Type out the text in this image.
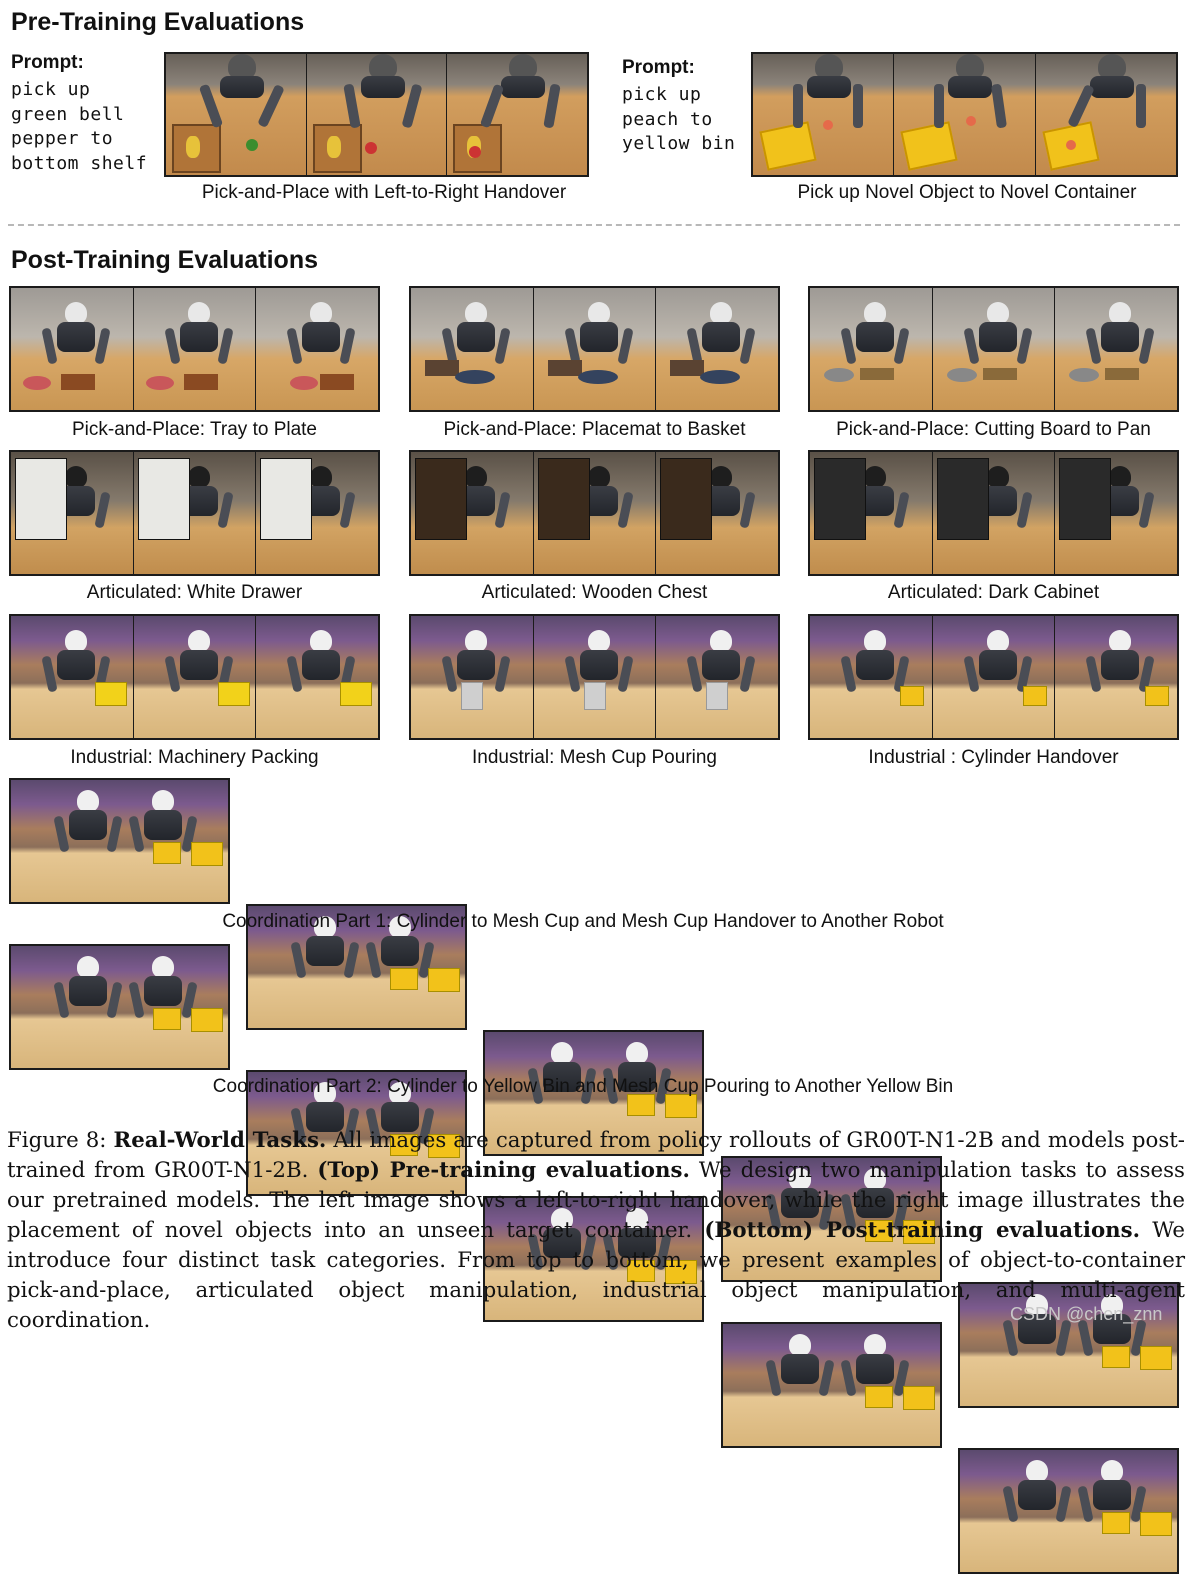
Pre-Training Evaluations
Prompt:
pick up
green bell
pepper to
bottom shelf
Pick-and-Place with Left-to-Right Handover
Prompt:
pick up
peach to
yellow bin
Pick up Novel Object to Novel Container
Post-Training Evaluations
Pick-and-Place: Tray to Plate	Pick-and-Place: Placemat to Basket	Pick-and-Place: Cutting Board to Pan
Articulated: White Drawer	Articulated: Wooden Chest	Articulated: Dark Cabinet
Industrial: Machinery Packing	Industrial: Mesh Cup Pouring	Industrial : Cylinder Handover
Coordination Part 1: Cylinder to Mesh Cup and Mesh Cup Handover to Another Robot
Coordination Part 2: Cylinder to Yellow Bin and Mesh Cup Pouring to Another Yellow Bin
Figure 8: Real-World Tasks. All images are captured from policy rollouts of GR00T-N1-2B and models post-trained from GR00T-N1-2B. (Top) Pre-training evaluations. We design two manipulation tasks to assess our pretrained models. The left image shows a left-to-right handover, while the right image illustrates the placement of novel objects into an unseen target container. (Bottom) Post-training evaluations. We introduce four distinct task categories. From top to bottom, we present examples of object-to-container pick-and-place, articulated object manipulation, industrial object manipulation, and multi-agent coordination.	CSDN @chen_znn
